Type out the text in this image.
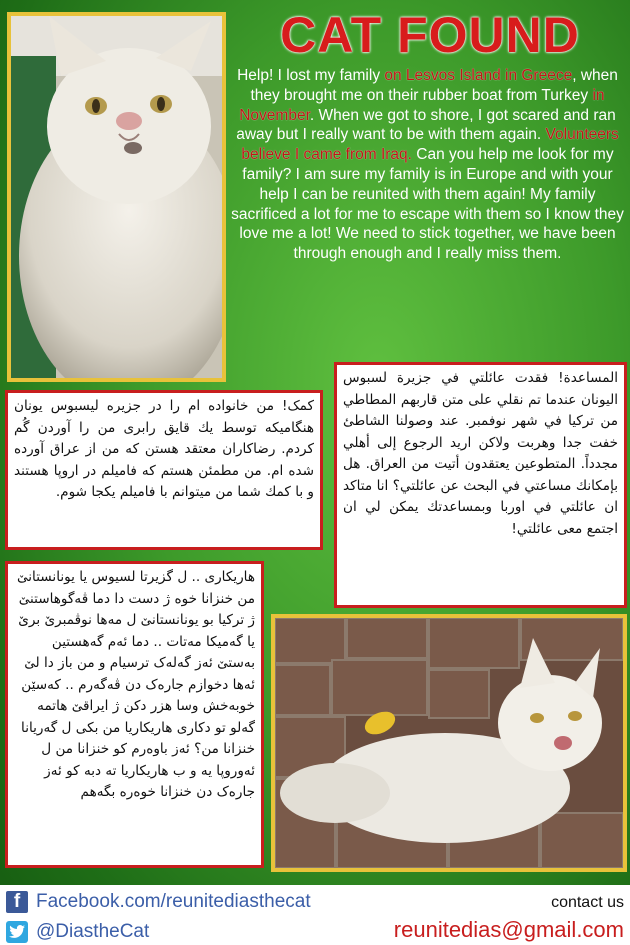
CAT FOUND
Help! I lost my family on Lesvos Island in Greece, when they brought me on their rubber boat from Turkey in November. When we got to shore, I got scared and ran away but I really want to be with them again. Volunteers believe I came from Iraq. Can you help me look for my family? I am sure my family is in Europe and with your help I can be reunited with them again! My family sacrificed a lot for me to escape with them so I know they love me a lot! We need to stick together, we have been through enough and I really miss them.
المساعدة! فقدت عائلتي في جزيرة لسبوس اليونان عندما تم نقلي على متن قاربهم المطاطي من تركيا في شهر نوفمبر. عند وصولنا الشاطئ خفت جدا وهربت ولاكن اريد الرجوع إلى أهلي مجدداً. المتطوعين يعتقدون أتيت من العراق. هل بإمكانك مساعتي في البحث عن عائلتي؟ انا متاكد ان عائلتي في اوربا وبمساعدتك يمكن لي ان اجتمع معى عائلتي!
کمک! من خانواده ام را در جزیره لیسبوس یونان هنگامیکه توسط یك قایق رابری من را آوردن گُم کردم. رضاکاران معتقد هستن که من از عراق آورده شده ام. من مطمئن هستم که فامیلم در اروپا هستند و با کمك شما من میتوانم با فامیلم یکجا شوم.
هاریکاری .. ل گزیرتا لسیوس یا یونانستانێ من خنزانا خوه ژ دست دا دما ڤەگوهاستنێ ژ ترکیا بو یونانستانێ ل مەها نوڤمبرێ برێ یا گەمیکا مەتات .. دما ئەم گەهستین بەستێ ئەز گەلەک ترسیام و من باز دا لێ ئەها دخوازم جارەک دن ڤەگەرم .. کەسێن خوبەخش وسا هزر دکن ژ ایراقێ هاتمە گەلو تو دکاری هاریکاریا من بکی ل گەریانا خنزانا من؟ ئەز باوەرم کو خنزانا من ل ئەوروپا یە و ب هاریکاریا تە دبە کو ئەز جارەک دن خنزانا خوەرە بگەهم
f Facebook.com/reunitediasthecat
@DiastheCat
contact us
reunitedias@gmail.com
